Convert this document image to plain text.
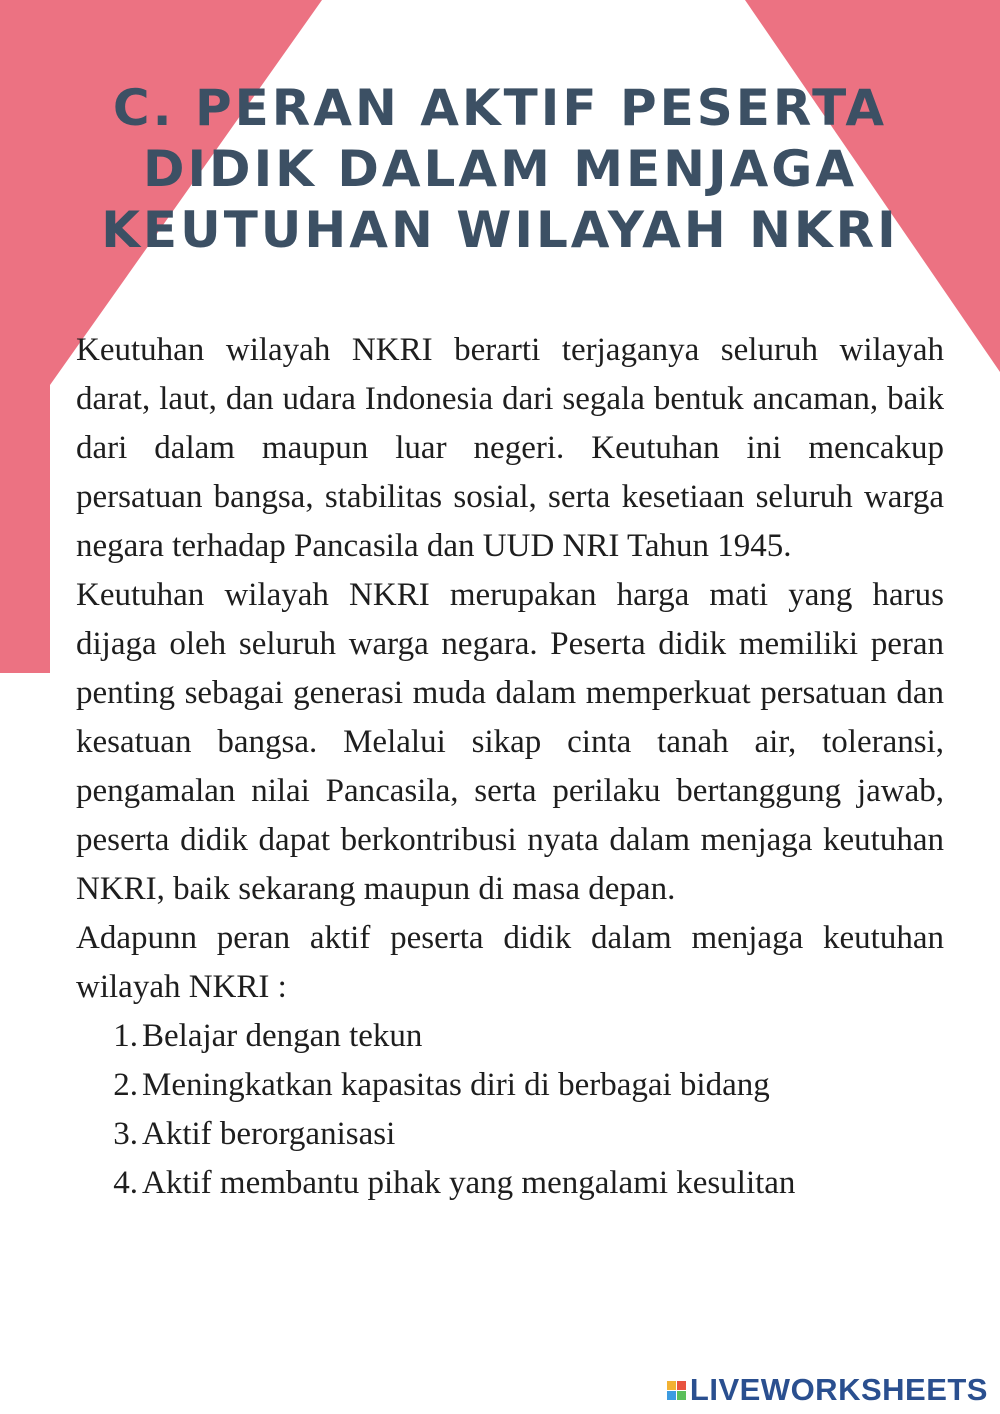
C. PERAN AKTIF PESERTA
DIDIK DALAM MENJAGA
KEUTUHAN WILAYAH NKRI

Keutuhan wilayah NKRI berarti terjaganya seluruh wilayah darat, laut, dan udara Indonesia dari segala bentuk ancaman, baik dari dalam maupun luar negeri. Keutuhan ini mencakup persatuan bangsa, stabilitas sosial, serta kesetiaan seluruh warga negara terhadap Pancasila dan UUD NRI Tahun 1945.

Keutuhan wilayah NKRI merupakan harga mati yang harus dijaga oleh seluruh warga negara. Peserta didik memiliki peran penting sebagai generasi muda dalam memperkuat persatuan dan kesatuan bangsa. Melalui sikap cinta tanah air, toleransi, pengamalan nilai Pancasila, serta perilaku bertanggung jawab, peserta didik dapat berkontribusi nyata dalam menjaga keutuhan NKRI, baik sekarang maupun di masa depan.

Adapunn peran aktif peserta didik dalam menjaga keutuhan wilayah NKRI :

1. Belajar dengan tekun
2. Meningkatkan kapasitas diri di berbagai bidang
3. Aktif berorganisasi
4. Aktif membantu pihak yang mengalami kesulitan
LIVEWORKSHEETS
